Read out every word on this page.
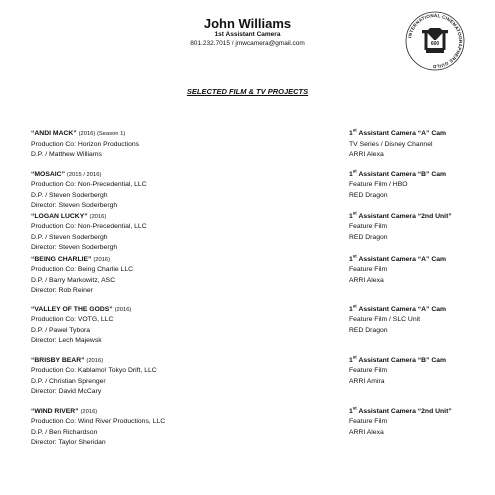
John Williams
1st Assistant Camera
801.232.7015 / jmwcamera@gmail.com
INTERNATIONAL CINEMATOGRAPHERS GUILD
600
SELECTED FILM & TV PROJECTS
“ANDI MACK” (2016) (Season 1)
Production Co: Horizon Productions
D.P. / Matthew Williams
1st Assistant Camera “A” Cam
TV Series / Disney Channel
ARRI Alexa
“MOSAIC” (2015 / 2016)
Production Co: Non-Precedential, LLC
D.P. / Steven Soderbergh
Director: Steven Soderbergh
1st Assistant Camera “B” Cam
Feature Film / HBO
RED Dragon
“LOGAN LUCKY” (2016)
Production Co: Non-Precedential, LLC
D.P. / Steven Soderbergh
Director: Steven Soderbergh
1st Assistant Camera “2nd Unit”
Feature Film
RED Dragon
“BEING CHARLIE” (2016)
Production Co: Being Charlie LLC
D.P. / Barry Markowitz, ASC
Director: Rob Reiner
1st Assistant Camera “A” Cam
Feature Film
ARRI Alexa
“VALLEY OF THE GODS” (2016)
Production Co: VOTG, LLC
D.P. / Pawel Tybora
Director: Lech Majewsk
1st Assistant Camera “A” Cam
Feature Film / SLC Unit
RED Dragon
“BRISBY BEAR” (2016)
Production Co: Kablamo! Tokyo Drift, LLC
D.P. / Christian Sprenger
Director: David McCary
1st Assistant Camera “B” Cam
Feature Film
ARRI Amira
“WIND RIVER” (2016)
Production Co: Wind River Productions, LLC
D.P. / Ben Richardson
Director: Taylor Sheridan
1st Assistant Camera “2nd Unit”
Feature Film
ARRI Alexa
